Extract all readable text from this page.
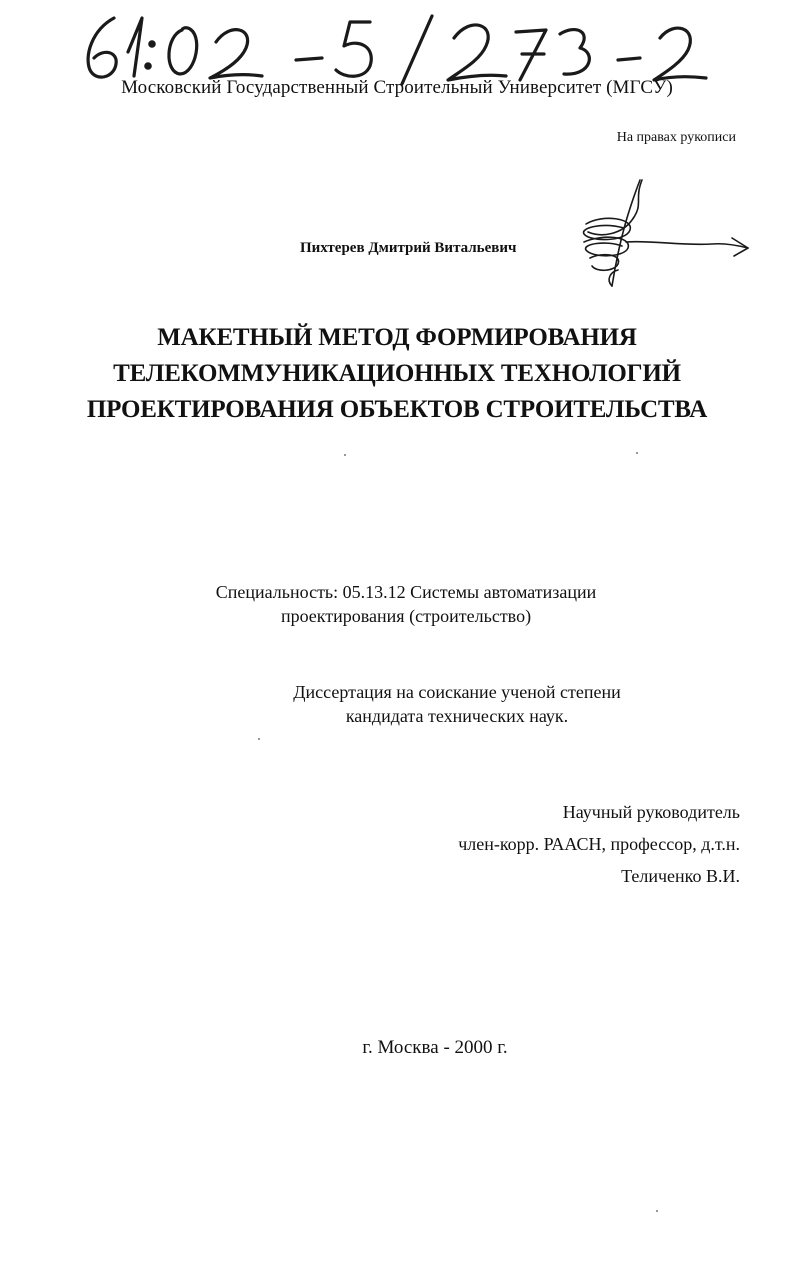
Московский Государственный Строительный Университет (МГСУ)
На правах рукописи
Пихтерев Дмитрий Витальевич
МАКЕТНЫЙ МЕТОД ФОРМИРОВАНИЯ
ТЕЛЕКОММУНИКАЦИОННЫХ ТЕХНОЛОГИЙ
ПРОЕКТИРОВАНИЯ ОБЪЕКТОВ СТРОИТЕЛЬСТВА
Специальность: 05.13.12 Системы автоматизации
проектирования (строительство)
Диссертация на соискание ученой степени
кандидата технических наук.
Научный руководитель
член-корр. РААСН, профессор, д.т.н.
Теличенко В.И.
г. Москва - 2000 г.
